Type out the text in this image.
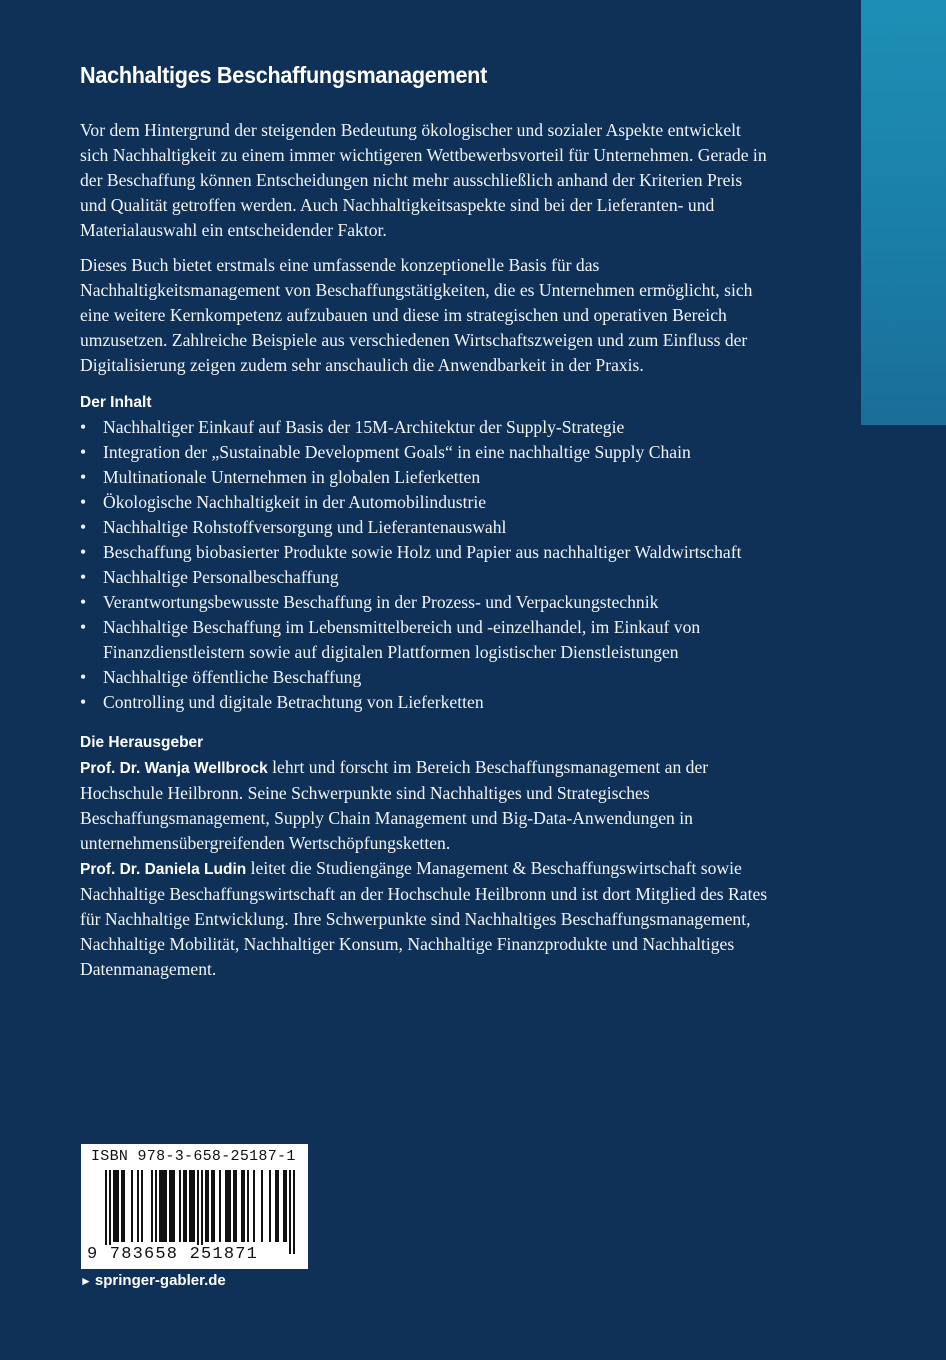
Nachhaltiges Beschaffungsmanagement

Vor dem Hintergrund der steigenden Bedeutung ökologischer und sozialer Aspekte entwickelt sich Nachhaltigkeit zu einem immer wichtigeren Wettbewerbsvorteil für Unternehmen. Gerade in der Beschaffung können Entscheidungen nicht mehr ausschließlich anhand der Kriterien Preis und Qualität getroffen werden. Auch Nachhaltigkeitsaspekte sind bei der Lieferanten- und Materialauswahl ein entscheidender Faktor.

Dieses Buch bietet erstmals eine umfassende konzeptionelle Basis für das Nachhaltigkeitsmanagement von Beschaffungstätigkeiten, die es Unternehmen ermöglicht, sich eine weitere Kernkompetenz aufzubauen und diese im strategischen und operativen Bereich umzusetzen. Zahlreiche Beispiele aus verschiedenen Wirtschaftszweigen und zum Einfluss der Digitalisierung zeigen zudem sehr anschaulich die Anwendbarkeit in der Praxis.

Der Inhalt
• Nachhaltiger Einkauf auf Basis der 15M-Architektur der Supply-Strategie
• Integration der „Sustainable Development Goals“ in eine nachhaltige Supply Chain
• Multinationale Unternehmen in globalen Lieferketten
• Ökologische Nachhaltigkeit in der Automobilindustrie
• Nachhaltige Rohstoffversorgung und Lieferantenauswahl
• Beschaffung biobasierter Produkte sowie Holz und Papier aus nachhaltiger Waldwirtschaft
• Nachhaltige Personalbeschaffung
• Verantwortungsbewusste Beschaffung in der Prozess- und Verpackungstechnik
• Nachhaltige Beschaffung im Lebensmittelbereich und -einzelhandel, im Einkauf von Finanzdienstleistern sowie auf digitalen Plattformen logistischer Dienstleistungen
• Nachhaltige öffentliche Beschaffung
• Controlling und digitale Betrachtung von Lieferketten
Die Herausgeber

Prof. Dr. Wanja Wellbrock lehrt und forscht im Bereich Beschaffungsmanagement an der Hochschule Heilbronn. Seine Schwerpunkte sind Nachhaltiges und Strategisches Beschaffungsmanagement, Supply Chain Management und Big-Data-Anwendungen in unternehmensübergreifenden Wertschöpfungsketten.

Prof. Dr. Daniela Ludin leitet die Studiengänge Management & Beschaffungswirtschaft sowie Nachhaltige Beschaffungswirtschaft an der Hochschule Heilbronn und ist dort Mitglied des Rates für Nachhaltige Entwicklung. Ihre Schwerpunkte sind Nachhaltiges Beschaffungsmanagement, Nachhaltige Mobilität, Nachhaltiger Konsum, Nachhaltige Finanzprodukte und Nachhaltiges Datenmanagement.

ISBN 978-3-658-25187-1
9 783658 251871
► springer-gabler.de
